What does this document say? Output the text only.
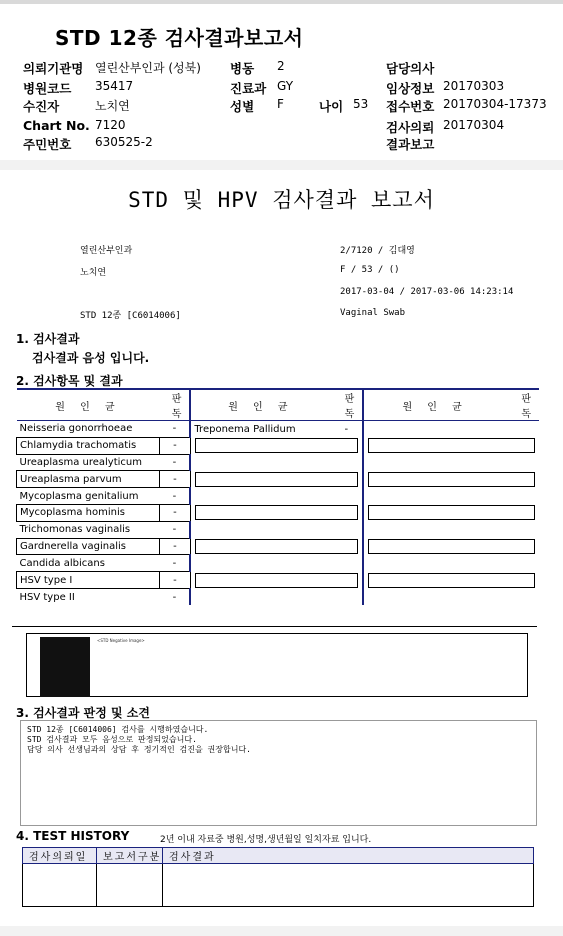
STD 12종 검사결과보고서
의뢰기관명 열린산부인과 (성북) 병동 2	담당의사
병원코드 35417	진료과 GY	임상정보 20170303
수진자	노치연	성별 F	나이 53 접수번호 20170304-17373
Chart No. 7120	검사의뢰 20170304
주민번호 630525-2	결과보고
STD 및 HPV 검사결과 보고서
열린산부인과	2/7120 / 김대영
노치연	F / 53 / ()
2017-03-04 / 2017-03-06 14:23:14
STD 12종 [C6014006]	Vaginal Swab
1. 검사결과
검사결과 음성 입니다.
2. 검사항목 및 결과
원 인 균	판 독	원 인 균	판 독	원 인 균	판 독
Neisseria gonorrhoeae	-	Treponema Pallidum	-		
Chlamydia trachomatis	-			

Ureaplasma urealyticum	-				
Ureaplasma parvum	-			

Mycoplasma genitalium	-				
Mycoplasma hominis	-			

Trichomonas vaginalis	-				
Gardnerella vaginalis	-			

Candida albicans	-				
HSV type I	-			

HSV type II	-				
<STD Negative Image>
3. 검사결과 판정 및 소견
STD 12종 [C6014006] 검사를 시행하였습니다.
STD 검사결과 모두 음성으로 판정되었습니다.
담당 의사 선생님과의 상담 후 정기적인 검진을 권장합니다.
4. TEST HISTORY	2년 이내 자료중 병원,성명,생년월일 일치자료 입니다.
검사의뢰일	보고서구분	검사결과
